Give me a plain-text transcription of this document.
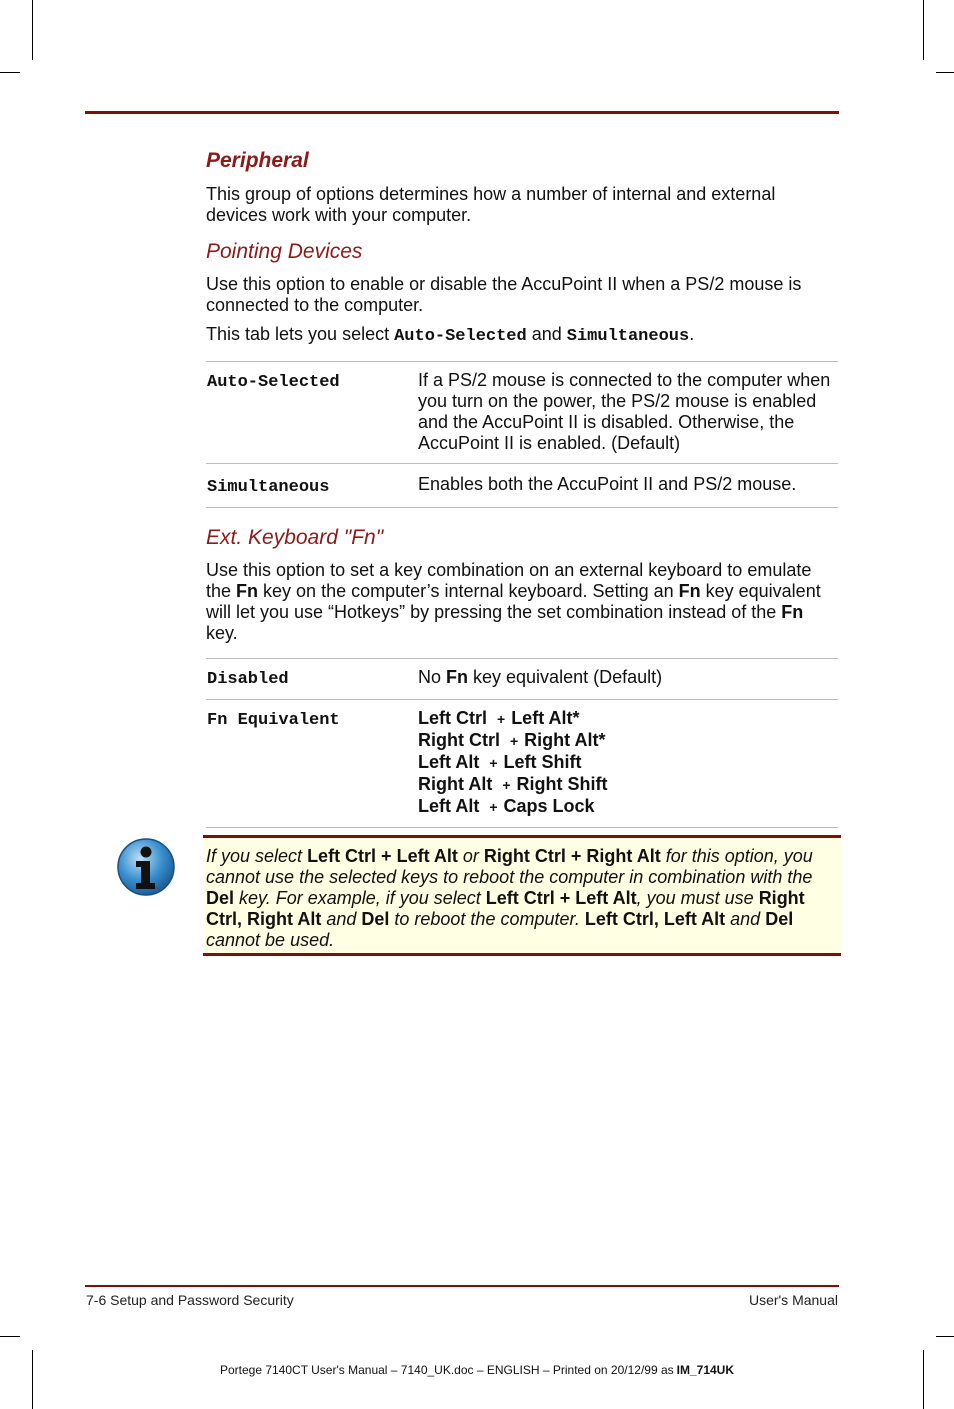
Peripheral

This group of options determines how a number of internal and external devices work with your computer.

Pointing Devices

Use this option to enable or disable the AccuPoint II when a PS/2 mouse is connected to the computer.

This tab lets you select Auto-Selected and Simultaneous.

Auto-Selected	If a PS/2 mouse is connected to the computer when you turn on the power, the PS/2 mouse is enabled and the AccuPoint II is disabled. Otherwise, the AccuPoint II is enabled. (Default)
Simultaneous	Enables both the AccuPoint II and PS/2 mouse.
Ext. Keyboard "Fn"

Use this option to set a key combination on an external keyboard to emulate the Fn key on the computer’s internal keyboard. Setting an Fn key equivalent will let you use “Hotkeys” by pressing the set combination instead of the Fn key.

Disabled	No Fn key equivalent (Default)
Fn Equivalent	Left Ctrl + Left Alt*
Right Ctrl + Right Alt*
Left Alt + Left Shift
Right Alt + Right Shift
Left Alt + Caps Lock

If you select Left Ctrl + Left Alt or Right Ctrl + Right Alt for this option, you cannot use the selected keys to reboot the computer in combination with the Del key. For example, if you select Left Ctrl + Left Alt, you must use Right Ctrl, Right Alt and Del to reboot the computer. Left Ctrl, Left Alt and Del cannot be used.

7-6 Setup and Password Security	User's Manual
Portege 7140CT User's Manual – 7140_UK.doc – ENGLISH – Printed on 20/12/99 as IM_714UK
